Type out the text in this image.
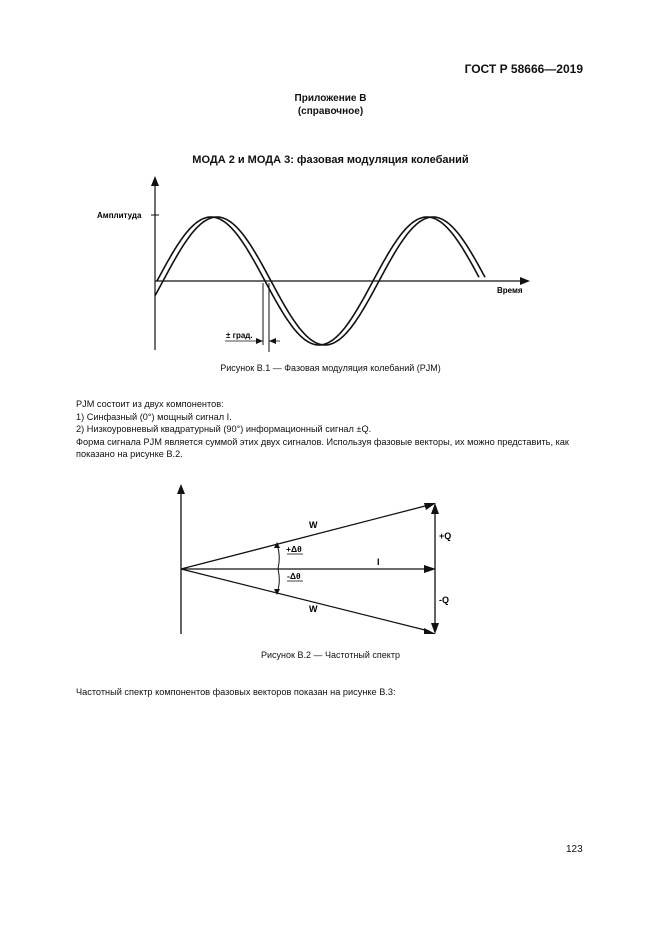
ГОСТ Р 58666—2019
Приложение В
(справочное)
МОДА 2 и МОДА 3: фазовая модуляция колебаний
Амплитуда
Время
± град.
Рисунок В.1 — Фазовая модуляция колебаний (PJM)

PJM состоит из двух компонентов:

1) Синфазный (0°) мощный сигнал I.

2) Низкоуровневый квадратурный (90°) информационный сигнал ±Q.

Форма сигнала PJM является суммой этих двух сигналов. Используя фазовые векторы, их можно представить, как показано на рисунке В.2.

W
W
+Δθ
-Δθ
I
+Q
-Q
Рисунок В.2 — Частотный спектр
Частотный спектр компонентов фазовых векторов показан на рисунке В.3:
123
